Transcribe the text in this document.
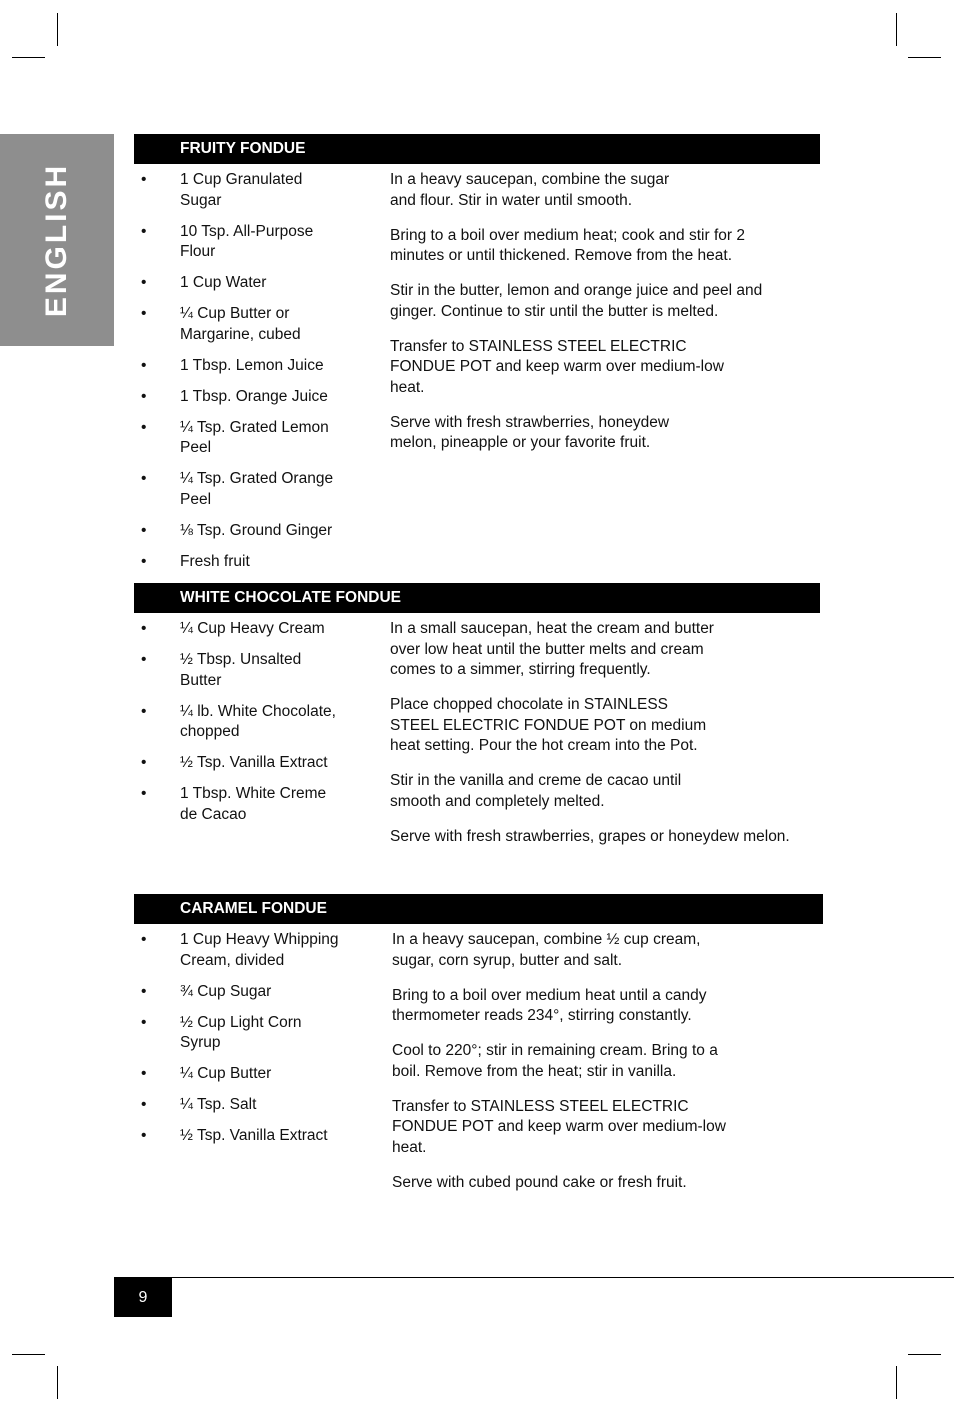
ENGLISH
FRUITY FONDUE
• 1 Cup Granulated Sugar
• 10 Tsp. All-Purpose Flour
• 1 Cup Water
• ¼ Cup Butter or Margarine, cubed
• 1 Tbsp. Lemon Juice
• 1 Tbsp. Orange Juice
• ¼ Tsp. Grated Lemon Peel
• ¼ Tsp. Grated Orange Peel
• ⅛ Tsp. Ground Ginger
• Fresh fruit

In a heavy saucepan, combine the sugar and flour. Stir in water until smooth.

Bring to a boil over medium heat; cook and stir for 2 minutes or until thickened. Remove from the heat.

Stir in the butter, lemon and orange juice and peel and ginger. Continue to stir until the butter is melted.

Transfer to STAINLESS STEEL ELECTRIC FONDUE POT and keep warm over medium-low heat.

Serve with fresh strawberries, honeydew melon, pineapple or your favorite fruit.

WHITE CHOCOLATE FONDUE
• ¼ Cup Heavy Cream
• ½ Tbsp. Unsalted Butter
• ¼ lb. White Chocolate, chopped
• ½ Tsp. Vanilla Extract
• 1 Tbsp. White Creme de Cacao

In a small saucepan, heat the cream and butter over low heat until the butter melts and cream comes to a simmer, stirring frequently.

Place chopped chocolate in STAINLESS STEEL ELECTRIC FONDUE POT on medium heat setting. Pour the hot cream into the Pot.

Stir in the vanilla and creme de cacao until smooth and completely melted.

Serve with fresh strawberries, grapes or honeydew melon.

CARAMEL FONDUE
• 1 Cup Heavy Whipping Cream, divided
• ¾ Cup Sugar
• ½ Cup Light Corn Syrup
• ¼ Cup Butter
• ¼ Tsp. Salt
• ½ Tsp. Vanilla Extract

In a heavy saucepan, combine ½ cup cream, sugar, corn syrup, butter and salt.

Bring to a boil over medium heat until a candy thermometer reads 234°, stirring constantly.

Cool to 220°; stir in remaining cream. Bring to a boil. Remove from the heat; stir in vanilla.

Transfer to STAINLESS STEEL ELECTRIC FONDUE POT and keep warm over medium-low heat.

Serve with cubed pound cake or fresh fruit.

9
